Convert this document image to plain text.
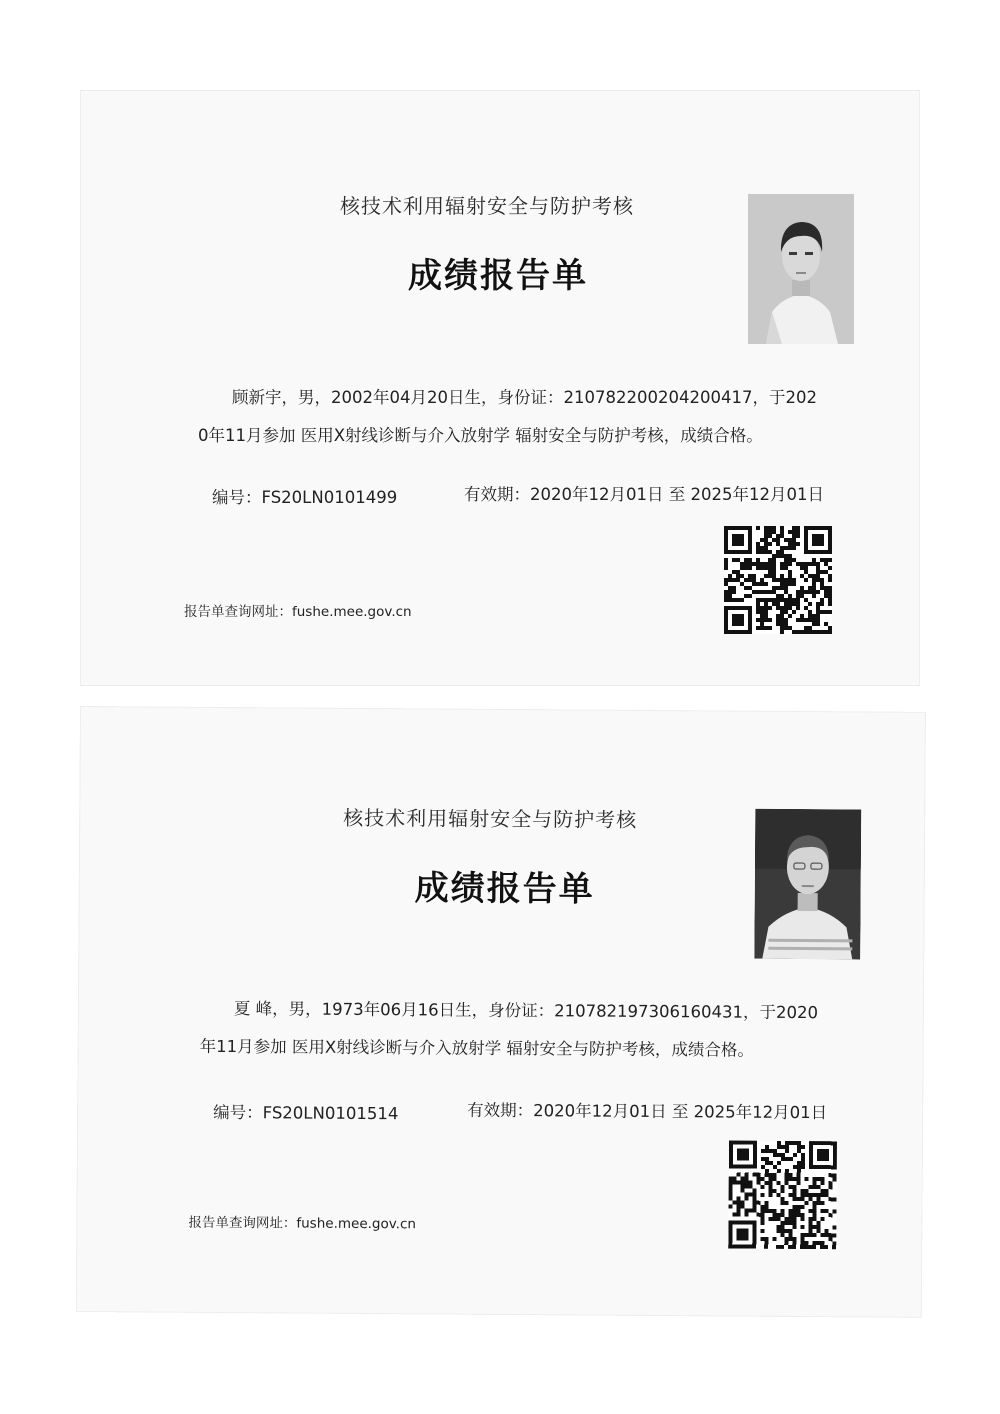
核技术利用辐射安全与防护考核
成绩报告单
顾新宇，男，2002年04月20日生，身份证：210782200204200417，于202
0年11月参加 医用X射线诊断与介入放射学 辐射安全与防护考核，成绩合格。
编号：FS20LN0101499	有效期：2020年12月01日 至 2025年12月01日
报告单查询网址：fushe.mee.gov.cn
核技术利用辐射安全与防护考核
成绩报告单
夏 峰，男，1973年06月16日生，身份证：210782197306160431，于2020
年11月参加 医用X射线诊断与介入放射学 辐射安全与防护考核，成绩合格。
编号：FS20LN0101514	有效期：2020年12月01日 至 2025年12月01日
报告单查询网址：fushe.mee.gov.cn
